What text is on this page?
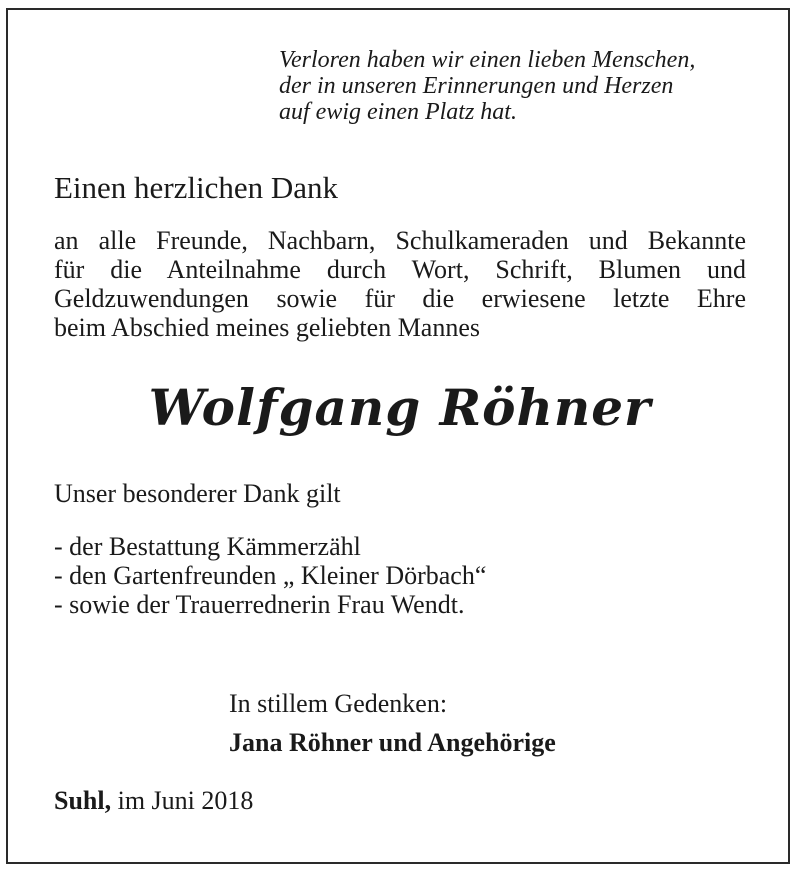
Verloren haben wir einen lieben Menschen,
der in unseren Erinnerungen und Herzen
auf ewig einen Platz hat.
Einen herzlichen Dank
an alle Freunde, Nachbarn, Schulkameraden und Bekannte
für die Anteilnahme durch Wort, Schrift, Blumen und
Geldzuwendungen sowie für die erwiesene letzte Ehre
beim Abschied meines geliebten Mannes
Wolfgang Röhner
Unser besonderer Dank gilt
- der Bestattung Kämmerzähl
- den Gartenfreunden „ Kleiner Dörbach“
- sowie der Trauerrednerin Frau Wendt.
In stillem Gedenken:
Jana Röhner und Angehörige
Suhl, im Juni 2018
